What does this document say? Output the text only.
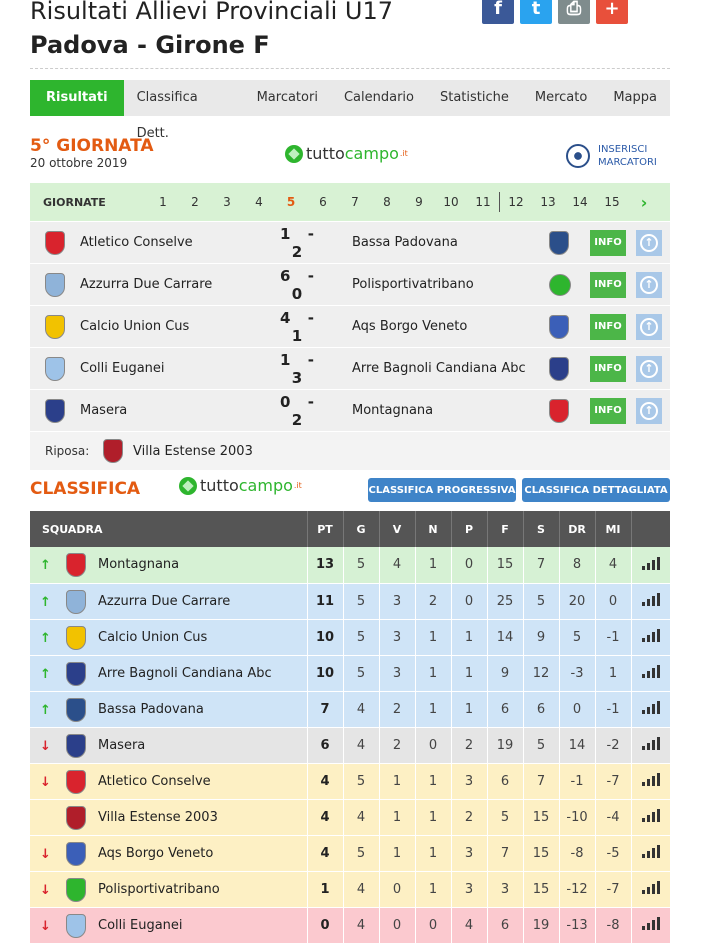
Risultati Allievi Provinciali U17
Padova - Girone F
f	t	⎙	+
Risultati	Classifica Dett.
Marcatori	Calendario	Statistiche	Mercato	Mappa
5° GIORNATA
20 ottobre 2019	tutto campo .it	INSERISCI
MARCATORI
GIORNATE	1	2	3	4	5	6	7	8	9	10	11	12	13	14	15	›
Atletico Conselve	1 - 2	Bassa Padovana	INFO	↑
Azzurra Due Carrare	6 - 0	Polisportivatribano	INFO	↑
Calcio Union Cus	4 - 1	Aqs Borgo Veneto	INFO	↑
Colli Euganei	1 - 3	Arre Bagnoli Candiana Abc	INFO	↑
Masera	0 - 2	Montagnana	INFO	↑
Riposa:	Villa Estense 2003
CLASSIFICA	tutto campo .it	CLASSIFICA PROGRESSIVA CLASSIFICA DETTAGLIATA
SQUADRA	PT	G	V	N	P	F	S	DR	MI	

↑ Montagnana	13	5	4	1	0	15	7	8	4	

↑ Azzurra Due Carrare	11	5	3	2	0	25	5	20	0	

↑ Calcio Union Cus	10	5	3	1	1	14	9	5	-1	

↑ Arre Bagnoli Candiana Abc	10	5	3	1	1	9	12	-3	1	

↑ Bassa Padovana	7	4	2	1	1	6	6	0	-1	

↓ Masera	6	4	2	0	2	19	5	14	-2	

↓ Atletico Conselve	4	5	1	1	3	6	7	-1	-7	

Villa Estense 2003	4	4	1	1	2	5	15	-10	-4	

↓ Aqs Borgo Veneto	4	5	1	1	3	7	15	-8	-5	

↓ Polisportivatribano	1	4	0	1	3	3	15	-12	-7	

↓ Colli Euganei	0	4	0	0	4	6	19	-13	-8	
